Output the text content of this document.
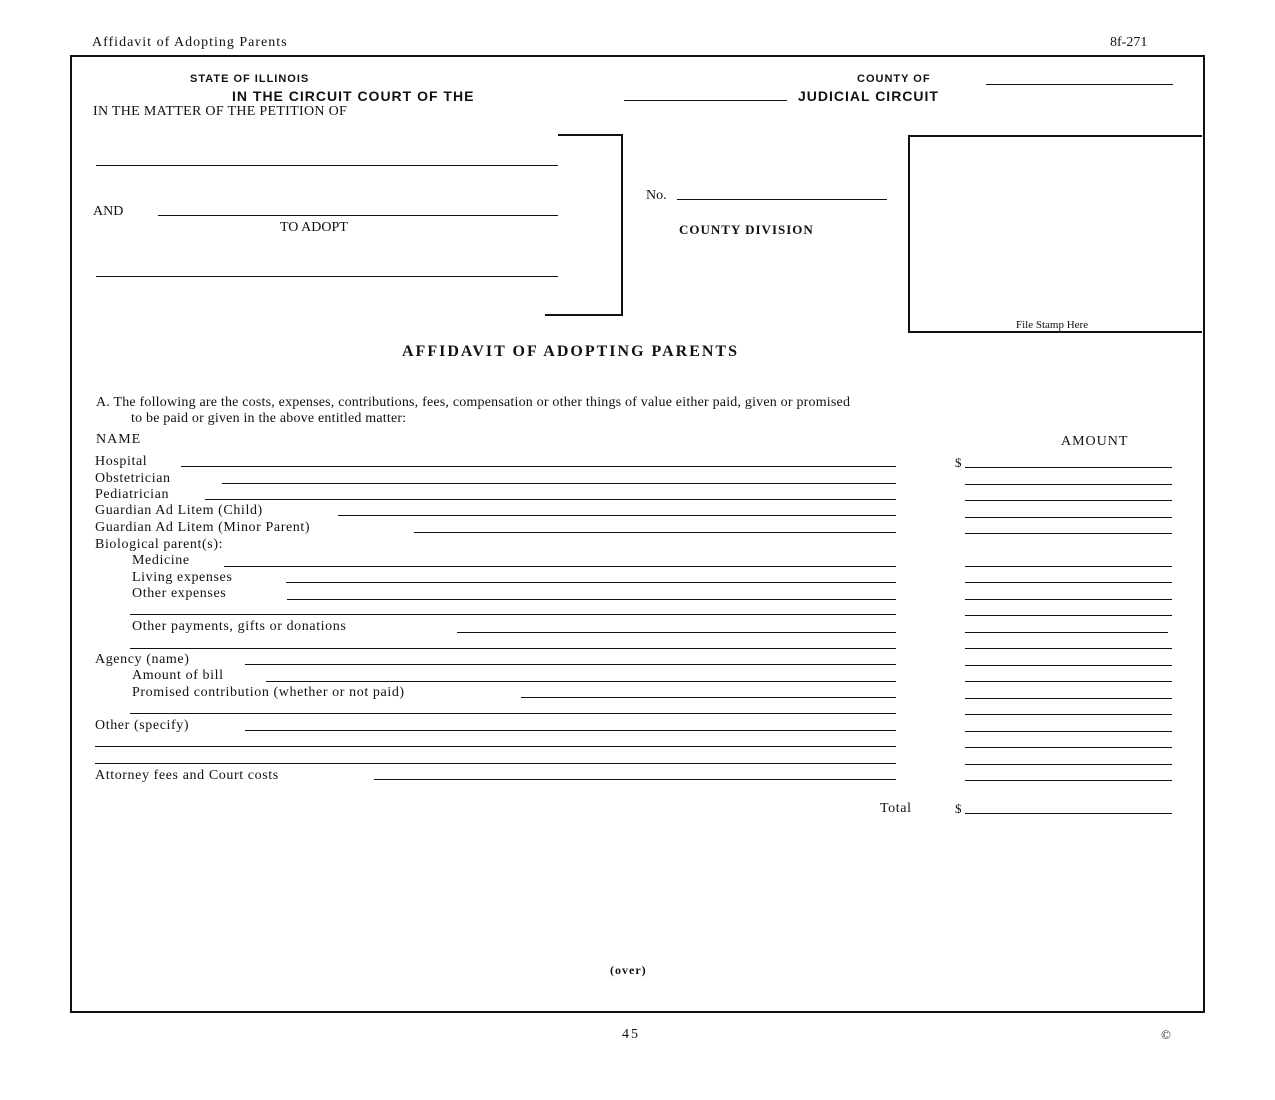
Affidavit of Adopting Parents	8f-271
STATE OF ILLINOIS
IN THE CIRCUIT COURT OF THE	JUDICIAL CIRCUIT
COUNTY OF
IN THE MATTER OF THE PETITION OF
AND
TO ADOPT
No.
COUNTY DIVISION
File Stamp Here
AFFIDAVIT OF ADOPTING PARENTS
A. The following are the costs, expenses, contributions, fees, compensation or other things of value either paid, given or promised
to be paid or given in the above entitled matter:
NAME	AMOUNT
Hospital	$
Obstetrician
Pediatrician
Guardian Ad Litem (Child)
Guardian Ad Litem (Minor Parent)
Biological parent(s):
Medicine
Living expenses
Other expenses
Other payments, gifts or donations
Agency (name)
Amount of bill
Promised contribution (whether or not paid)
Other (specify)
Attorney fees and Court costs
Total	$
(over)
45	©
